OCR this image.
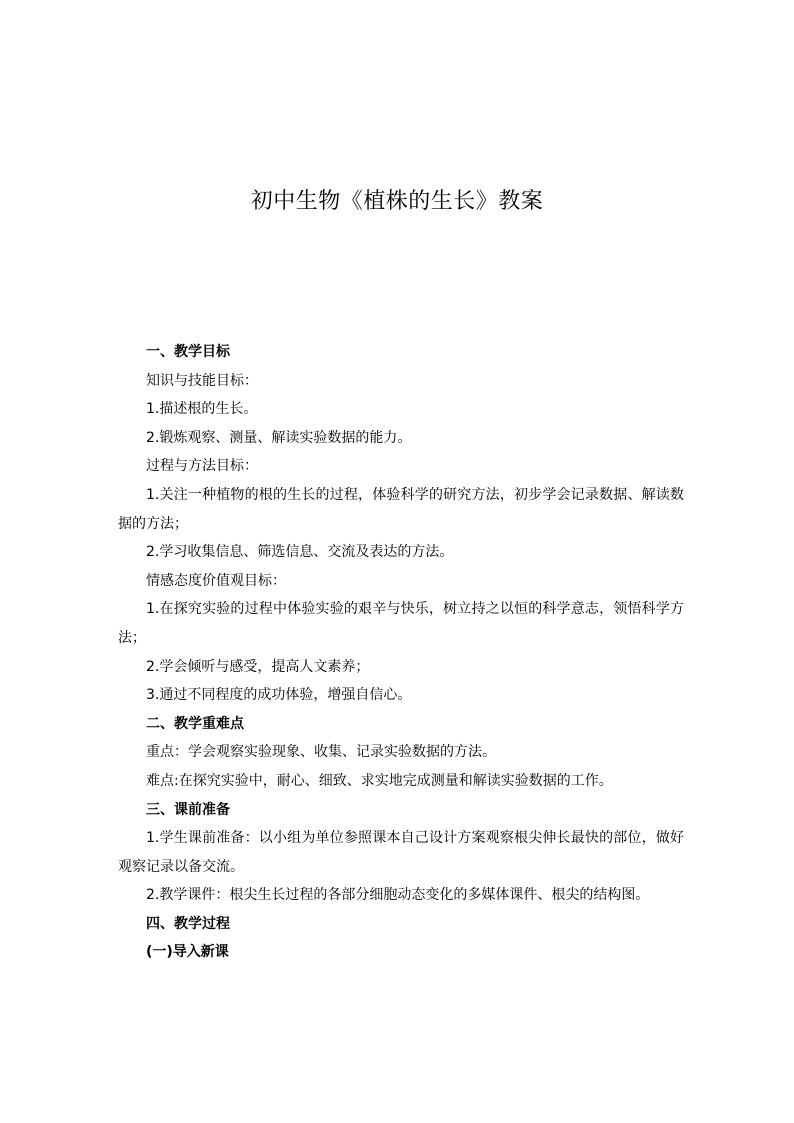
初中生物《植株的生长》教案

一、教学目标

知识与技能目标：

1.描述根的生长。

2.锻炼观察、测量、解读实验数据的能力。

过程与方法目标：

1.关注一种植物的根的生长的过程，体验科学的研究方法，初步学会记录数据、解读数据的方法；

2.学习收集信息、筛选信息、交流及表达的方法。

情感态度价值观目标：

1.在探究实验的过程中体验实验的艰辛与快乐，树立持之以恒的科学意志，领悟科学方法；

2.学会倾听与感受，提高人文素养；

3.通过不同程度的成功体验，增强自信心。

二、教学重难点

重点：学会观察实验现象、收集、记录实验数据的方法。

难点:在探究实验中，耐心、细致、求实地完成测量和解读实验数据的工作。

三、课前准备

1.学生课前准备：以小组为单位参照课本自己设计方案观察根尖伸长最快的部位，做好观察记录以备交流。

2.教学课件：根尖生长过程的各部分细胞动态变化的多媒体课件、根尖的结构图。

四、教学过程

(一)导入新课
